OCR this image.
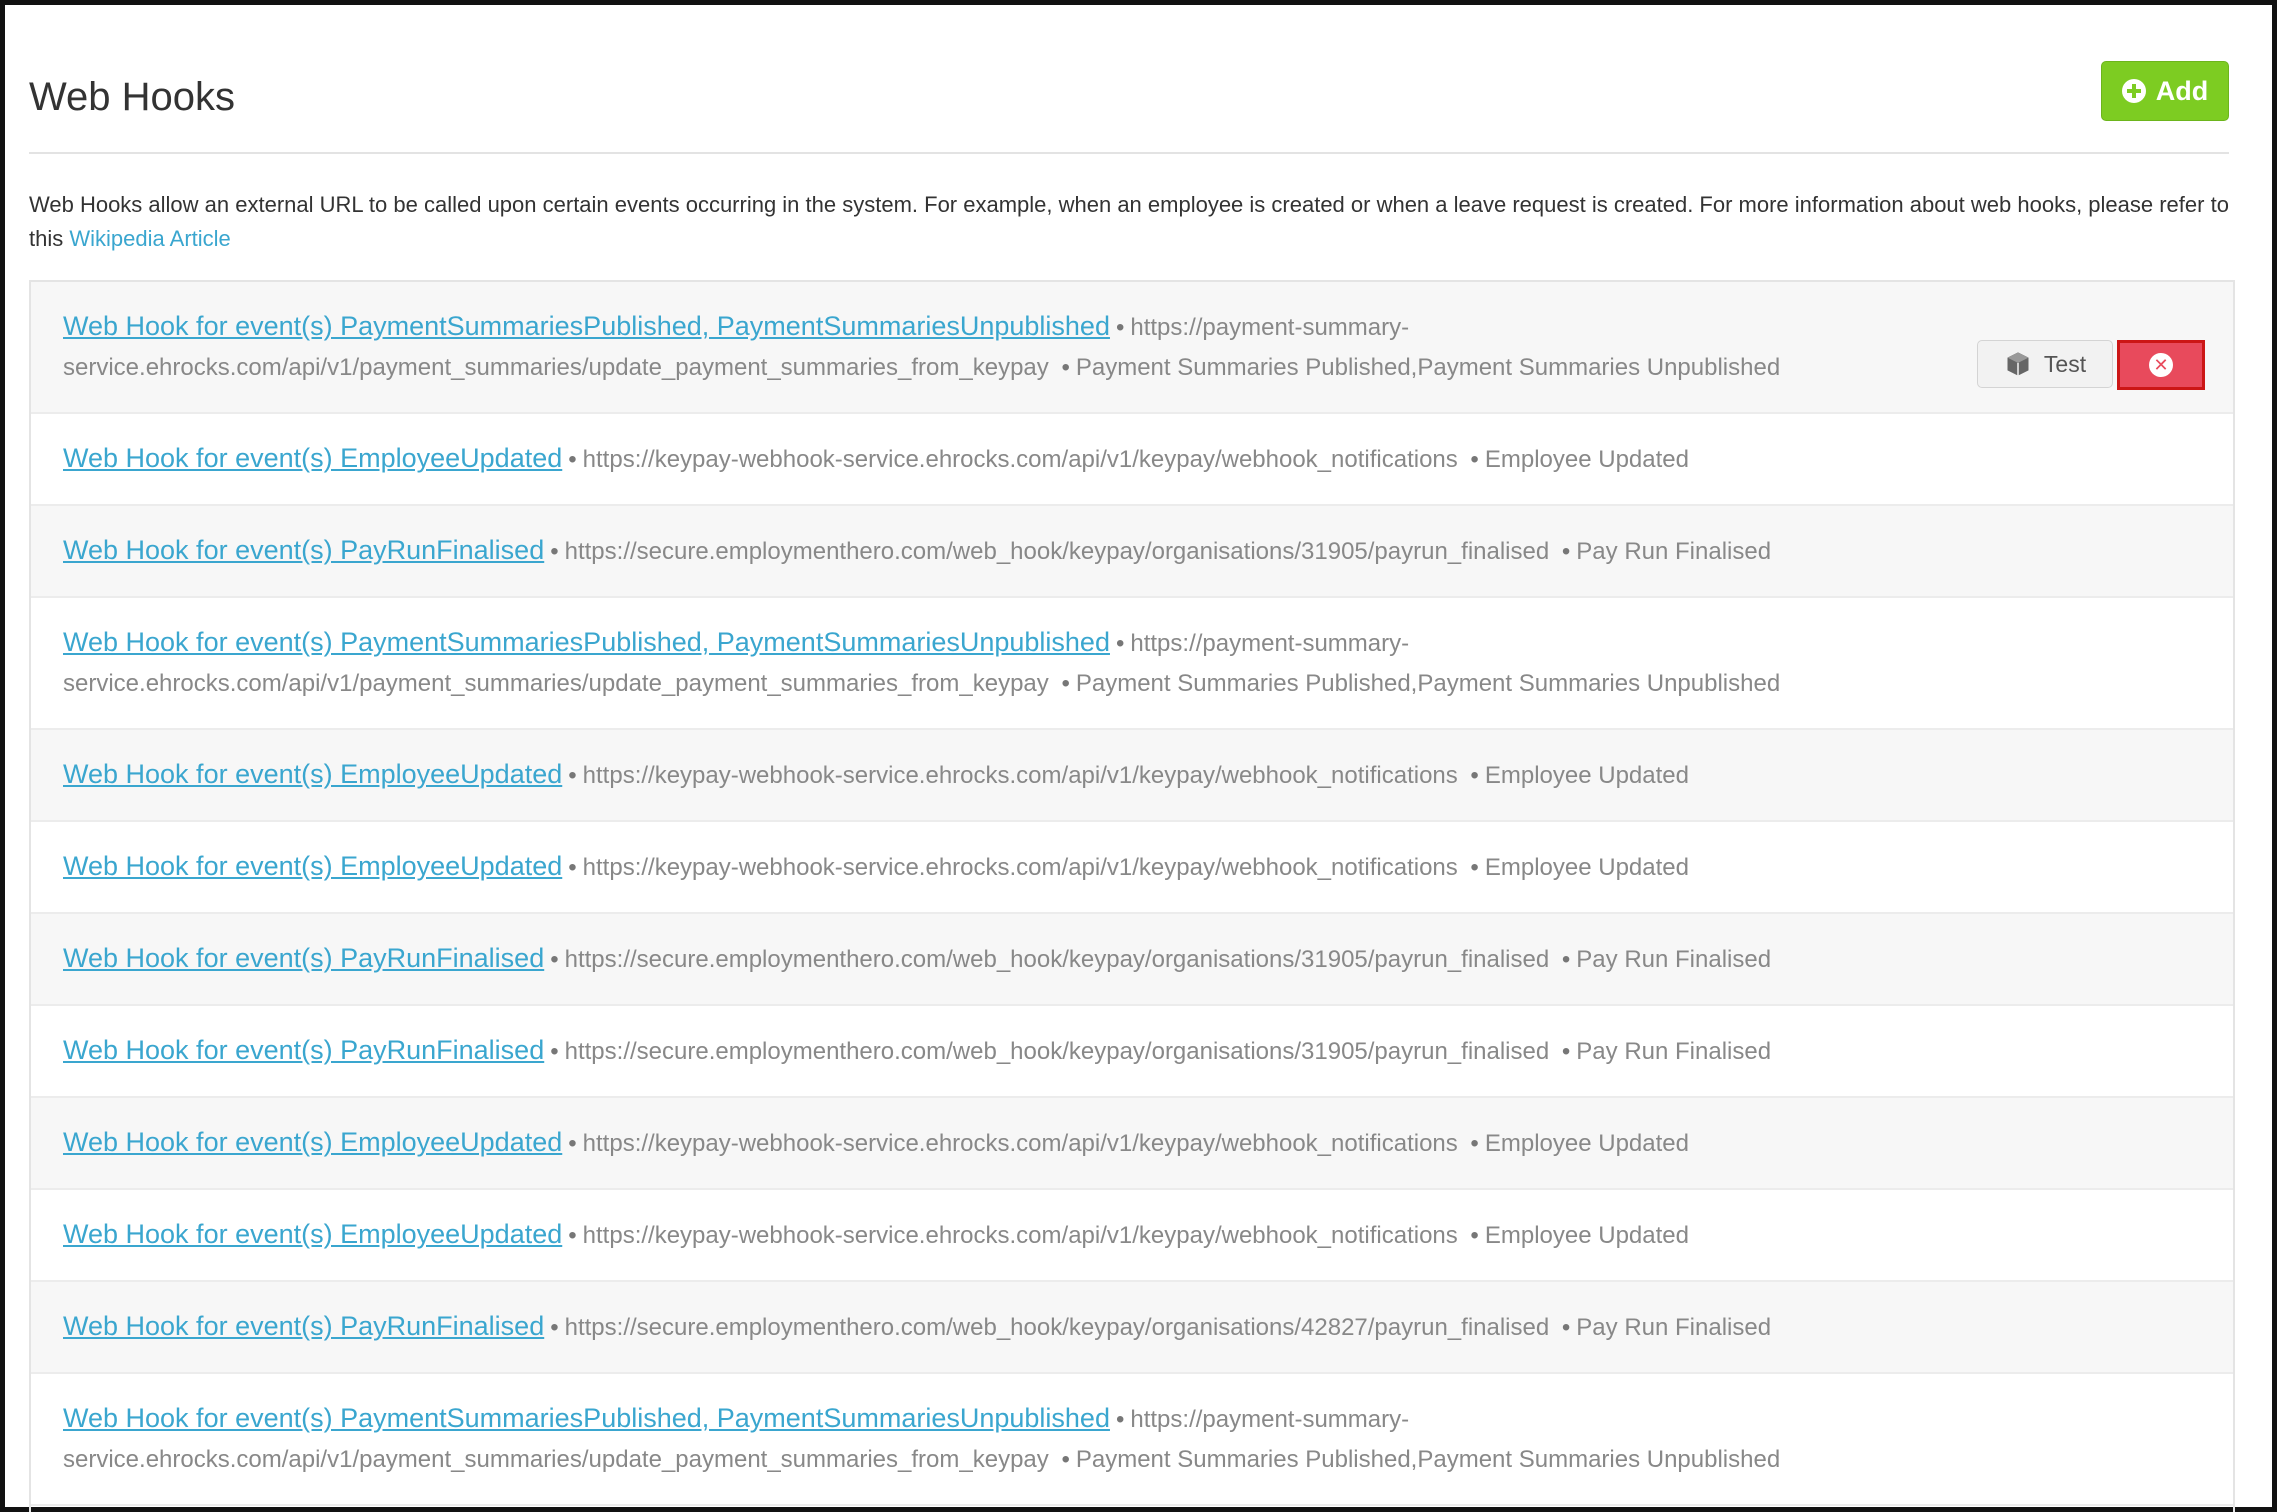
Web Hooks	Add
Web Hooks allow an external URL to be called upon certain events occurring in the system. For example, when an employee is created or when a leave request is created. For more information about web hooks, please refer to this Wikipedia Article
Web Hook for event(s) PaymentSummariesPublished, PaymentSummariesUnpublished • https://payment-summary-service.ehrocks.com/api/v1/payment_summaries/update_payment_summaries_from_keypay • Payment Summaries Published,Payment Summaries Unpublished	Test	✕
Web Hook for event(s) EmployeeUpdated • https://keypay-webhook-service.ehrocks.com/api/v1/keypay/webhook_notifications • Employee Updated
Web Hook for event(s) PayRunFinalised • https://secure.employmenthero.com/web_hook/keypay/organisations/31905/payrun_finalised • Pay Run Finalised
Web Hook for event(s) PaymentSummariesPublished, PaymentSummariesUnpublished • https://payment-summary-service.ehrocks.com/api/v1/payment_summaries/update_payment_summaries_from_keypay • Payment Summaries Published,Payment Summaries Unpublished
Web Hook for event(s) EmployeeUpdated • https://keypay-webhook-service.ehrocks.com/api/v1/keypay/webhook_notifications • Employee Updated
Web Hook for event(s) EmployeeUpdated • https://keypay-webhook-service.ehrocks.com/api/v1/keypay/webhook_notifications • Employee Updated
Web Hook for event(s) PayRunFinalised • https://secure.employmenthero.com/web_hook/keypay/organisations/31905/payrun_finalised • Pay Run Finalised
Web Hook for event(s) PayRunFinalised • https://secure.employmenthero.com/web_hook/keypay/organisations/31905/payrun_finalised • Pay Run Finalised
Web Hook for event(s) EmployeeUpdated • https://keypay-webhook-service.ehrocks.com/api/v1/keypay/webhook_notifications • Employee Updated
Web Hook for event(s) EmployeeUpdated • https://keypay-webhook-service.ehrocks.com/api/v1/keypay/webhook_notifications • Employee Updated
Web Hook for event(s) PayRunFinalised • https://secure.employmenthero.com/web_hook/keypay/organisations/42827/payrun_finalised • Pay Run Finalised
Web Hook for event(s) PaymentSummariesPublished, PaymentSummariesUnpublished • https://payment-summary-service.ehrocks.com/api/v1/payment_summaries/update_payment_summaries_from_keypay • Payment Summaries Published,Payment Summaries Unpublished
